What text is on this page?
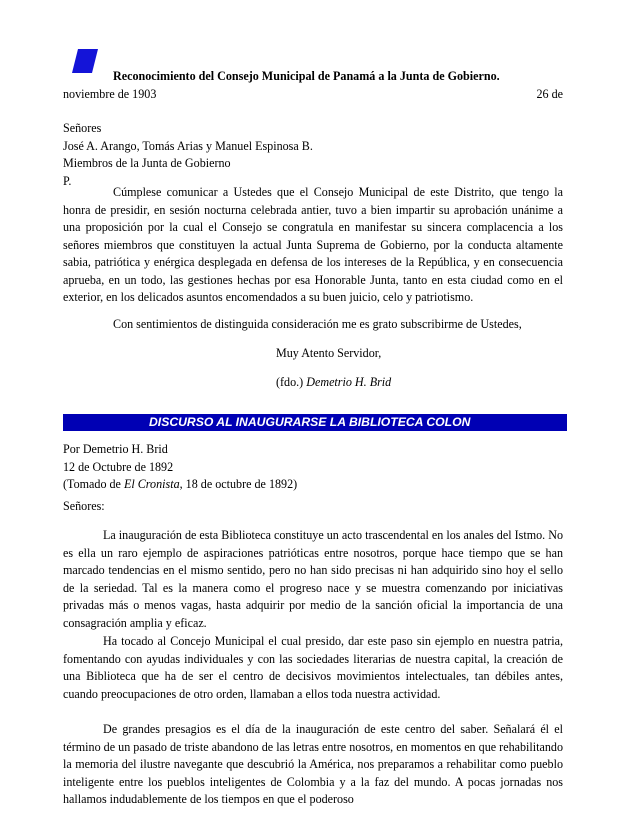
Reconocimiento del Consejo Municipal de Panamá a la Junta de Gobierno.
26 de

noviembre de 1903

Señores

José A. Arango, Tomás Arias y Manuel Espinosa B.

Miembros de la Junta de Gobierno

P.

Cúmplese comunicar a Ustedes que el Consejo Municipal de este Distrito, que tengo la honra de presidir, en sesión nocturna celebrada antier, tuvo a bien impartir su aprobación unánime a una proposición por la cual el Consejo se congratula en manifestar su sincera complacencia a los señores miembros que constituyen la actual Junta Suprema de Gobierno, por la conducta altamente sabia, patriótica y enérgica desplegada en defensa de los intereses de la República, y en consecuencia aprueba, en un todo, las gestiones hechas por esa Honorable Junta, tanto en esta ciudad como en el exterior, en los delicados asuntos encomendados a su buen juicio, celo y patriotismo.

Con sentimientos de distinguida consideración me es grato subscribirme de Ustedes,

Muy Atento Servidor,
(fdo.) Demetrio H. Brid

Por Demetrio H. Brid

12 de Octubre de 1892

(Tomado de El Cronista, 18 de octubre de 1892)

Señores:

La inauguración de esta Biblioteca constituye un acto trascendental en los anales del Istmo. No es ella un raro ejemplo de aspiraciones patrióticas entre nosotros, porque hace tiempo que se han marcado tendencias en el mismo sentido, pero no han sido precisas ni han adquirido sino hoy el sello de la seriedad. Tal es la manera como el progreso nace y se muestra comenzando por iniciativas privadas más o menos vagas, hasta adquirir por medio de la sanción oficial la importancia de una consagración amplia y eficaz.

Ha tocado al Concejo Municipal el cual presido, dar este paso sin ejemplo en nuestra patria, fomentando con ayudas individuales y con las sociedades literarias de nuestra capital, la creación de una Biblioteca que ha de ser el centro de decisivos movimientos intelectuales, tan débiles antes, cuando preocupaciones de otro orden, llamaban a ellos toda nuestra actividad.

De grandes presagios es el día de la inauguración de este centro del saber. Señalará él el término de un pasado de triste abandono de las letras entre nosotros, en momentos en que rehabilitando la memoria del ilustre navegante que descubrió la América, nos preparamos a rehabilitar como pueblo inteligente entre los pueblos inteligentes de Colombia y a la faz del mundo. A pocas jornadas nos hallamos indudablemente de los tiempos en que el poderoso

DISCURSO AL INAUGURARSE LA BIBLIOTECA COLON
